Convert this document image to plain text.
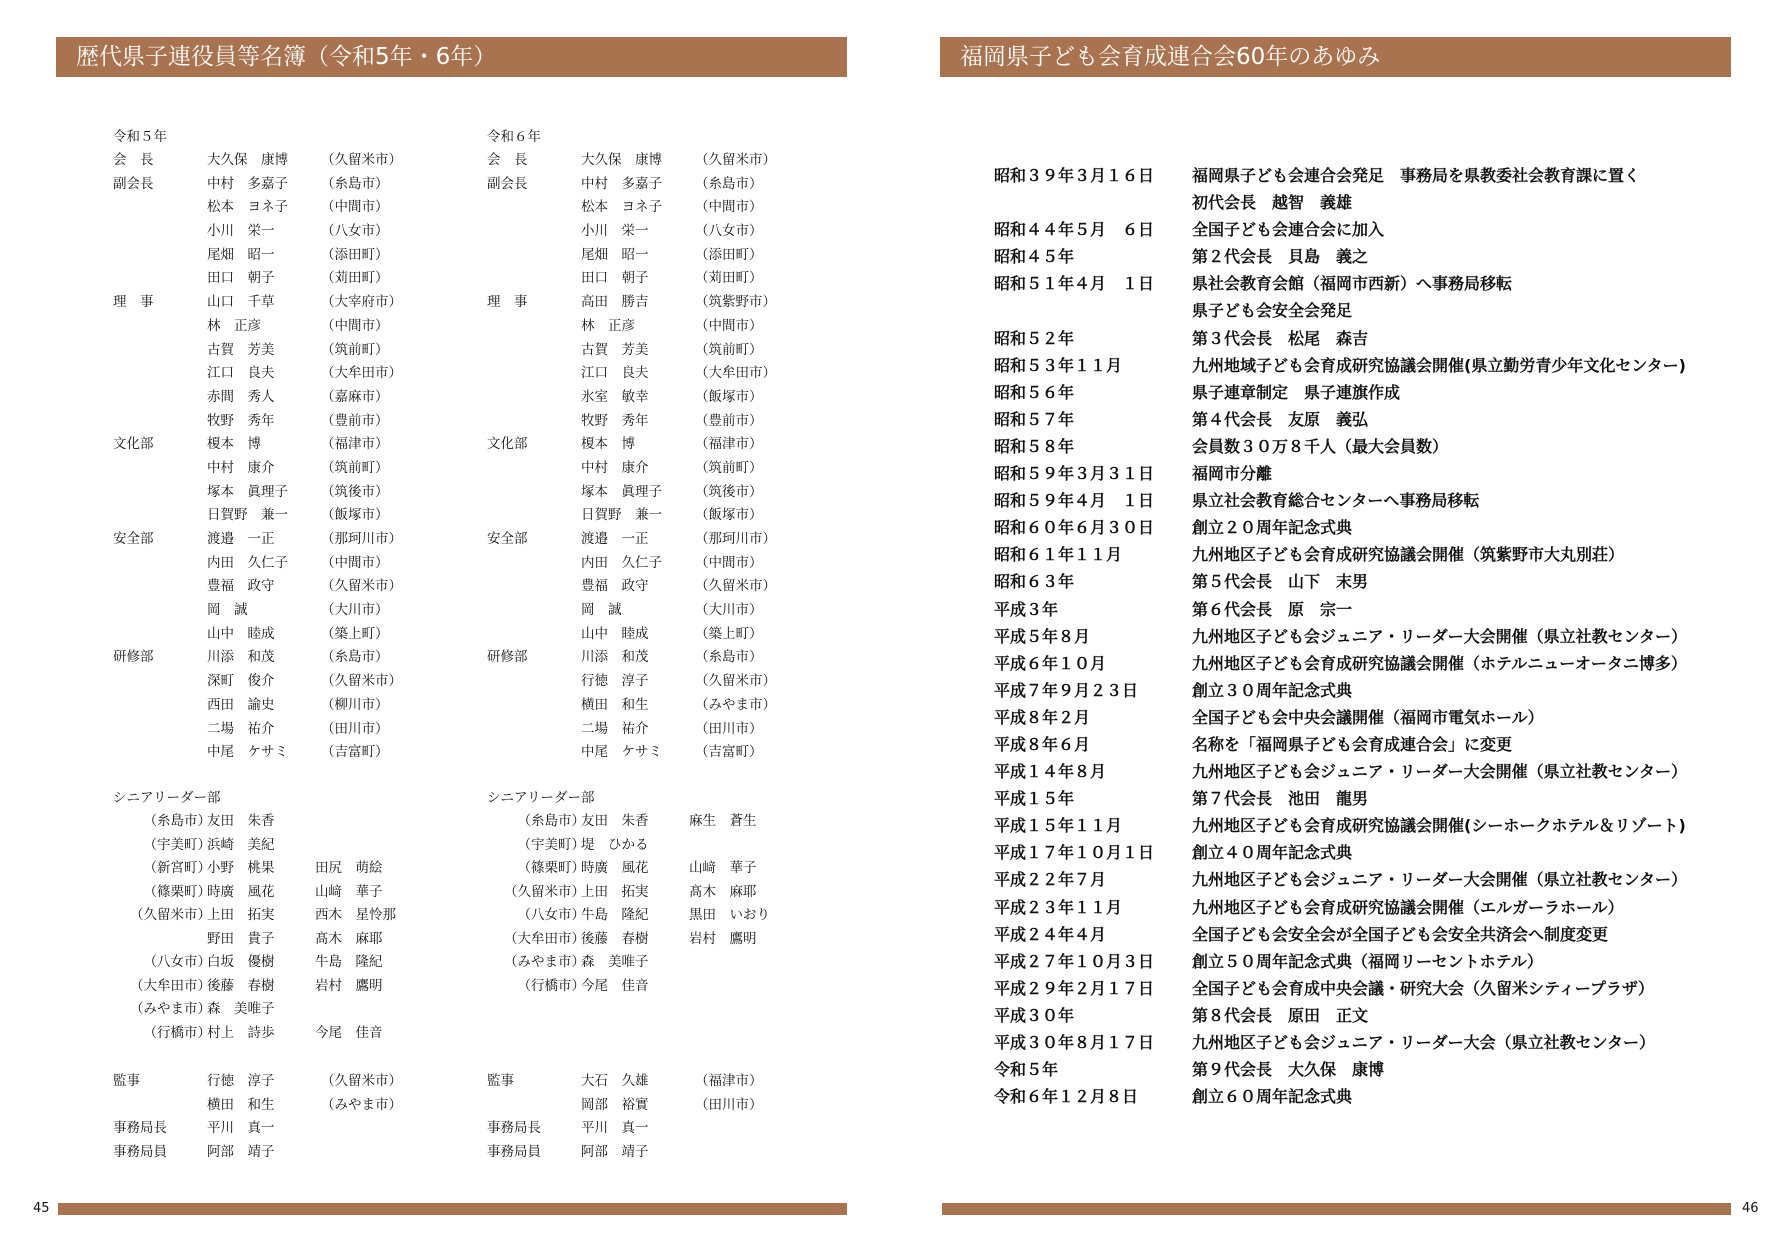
歴代県子連役員等名簿（令和5年・6年）
令和５年
会　長	大久保　康博 （久留米市）
副会長	中村　多嘉子 （糸島市）
松本　ヨネ子 （中間市）
小川　栄一	（八女市）
尾畑　昭一	（添田町）
田口　朝子	（苅田町）
理　事	山口　千草	（大宰府市）
林　正彦	（中間市）
古賀　芳美	（筑前町）
江口　良夫	（大牟田市）
赤間　秀人	（嘉麻市）
牧野　秀年	（豊前市）
文化部	榎本　博	（福津市）
中村　康介	（筑前町）
塚本　眞理子 （筑後市）
日賀野　兼一 （飯塚市）
安全部	渡邉　一正	（那珂川市）
内田　久仁子 （中間市）
豊福　政守	（久留米市）
岡　誠	（大川市）
山中　睦成	（築上町）
研修部	川添　和茂	（糸島市）
深町　俊介	（久留米市）
西田　諭史	（柳川市）
二場　祐介	（田川市）
中尾　ケサミ （吉富町）
令和６年
会　長	大久保　康博 （久留米市）
副会長	中村　多嘉子 （糸島市）
松本　ヨネ子 （中間市）
小川　栄一	（八女市）
尾畑　昭一	（添田町）
田口　朝子	（苅田町）
理　事	高田　勝吉	（筑紫野市）
林　正彦	（中間市）
古賀　芳美	（筑前町）
江口　良夫	（大牟田市）
氷室　敏幸	（飯塚市）
牧野　秀年	（豊前市）
文化部	榎本　博	（福津市）
中村　康介	（筑前町）
塚本　眞理子 （筑後市）
日賀野　兼一 （飯塚市）
安全部	渡邉　一正	（那珂川市）
内田　久仁子 （中間市）
豊福　政守	（久留米市）
岡　誠	（大川市）
山中　睦成	（築上町）
研修部	川添　和茂	（糸島市）
行徳　淳子	（久留米市）
横田　和生	（みやま市）
二場　祐介	（田川市）
中尾　ケサミ （吉富町）
シニアリーダー部
（糸島市）
友田　朱香
（宇美町）
浜崎　美紀
（新宮町）
小野　桃果	田尻　萌絵
（篠栗町）
時廣　風花	山﨑　華子
（久留米市）
上田　拓実	西木　星怜那
野田　貴子	髙木　麻耶
（八女市）
白坂　優樹	牛島　隆紀
（大牟田市）
後藤　春樹	岩村　鷹明
（みやま市）
森　美唯子
（行橋市）
村上　詩歩	今尾　佳音
シニアリーダー部
（糸島市）
友田　朱香	麻生　蒼生
（宇美町）
堤　ひかる
（篠栗町）
時廣　風花	山﨑　華子
（久留米市）
上田　拓実	髙木　麻耶
（八女市）
牛島　隆紀	黒田　いおり
（大牟田市）
後藤　春樹	岩村　鷹明
（みやま市）
森　美唯子
（行橋市）
今尾　佳音
監事	行徳　淳子	（久留米市）
横田　和生	（みやま市）
事務局長	平川　真一
事務局員	阿部　靖子
監事	大石　久雄	（福津市）
岡部　裕實	（田川市）
事務局長	平川　真一
事務局員	阿部　靖子
45
福岡県子ども会育成連合会60年のあゆみ
昭和３９年３月１６日 福岡県子ども会連合会発足　事務局を県教委社会教育課に置く
初代会長　越智　義雄
昭和４４年５月　６日 全国子ども会連合会に加入
昭和４５年	第２代会長　貝島　義之
昭和５１年４月　１日 県社会教育会館（福岡市西新）へ事務局移転
県子ども会安全会発足
昭和５２年	第３代会長　松尾　森吉
昭和５３年１１月	九州地域子ども会育成研究協議会開催(県立勤労青少年文化センター)
昭和５６年	県子連章制定　県子連旗作成
昭和５７年	第４代会長　友原　義弘
昭和５８年	会員数３０万８千人（最大会員数）
昭和５９年３月３１日 福岡市分離
昭和５９年４月　１日 県立社会教育総合センターへ事務局移転
昭和６０年６月３０日 創立２０周年記念式典
昭和６１年１１月	九州地区子ども会育成研究協議会開催（筑紫野市大丸別荘）
昭和６３年	第５代会長　山下　末男
平成３年	第６代会長　原　宗一
平成５年８月	九州地区子ども会ジュニア・リーダー大会開催（県立社教センター）
平成６年１０月	九州地区子ども会育成研究協議会開催（ホテルニューオータニ博多）
平成７年９月２３日	創立３０周年記念式典
平成８年２月	全国子ども会中央会議開催（福岡市電気ホール）
平成８年６月	名称を「福岡県子ども会育成連合会」に変更
平成１４年８月	九州地区子ども会ジュニア・リーダー大会開催（県立社教センター）
平成１５年	第７代会長　池田　龍男
平成１５年１１月	九州地区子ども会育成研究協議会開催(シーホークホテル＆リゾート)
平成１７年１０月１日 創立４０周年記念式典
平成２２年７月	九州地区子ども会ジュニア・リーダー大会開催（県立社教センター）
平成２３年１１月	九州地区子ども会育成研究協議会開催（エルガーラホール）
平成２４年４月	全国子ども会安全会が全国子ども会安全共済会へ制度変更
平成２７年１０月３日 創立５０周年記念式典（福岡リーセントホテル）
平成２９年２月１７日 全国子ども会育成中央会議・研究大会（久留米シティープラザ）
平成３０年	第８代会長　原田　正文
平成３０年８月１７日 九州地区子ども会ジュニア・リーダー大会（県立社教センター）
令和５年	第９代会長　大久保　康博
令和６年１２月８日	創立６０周年記念式典
46
